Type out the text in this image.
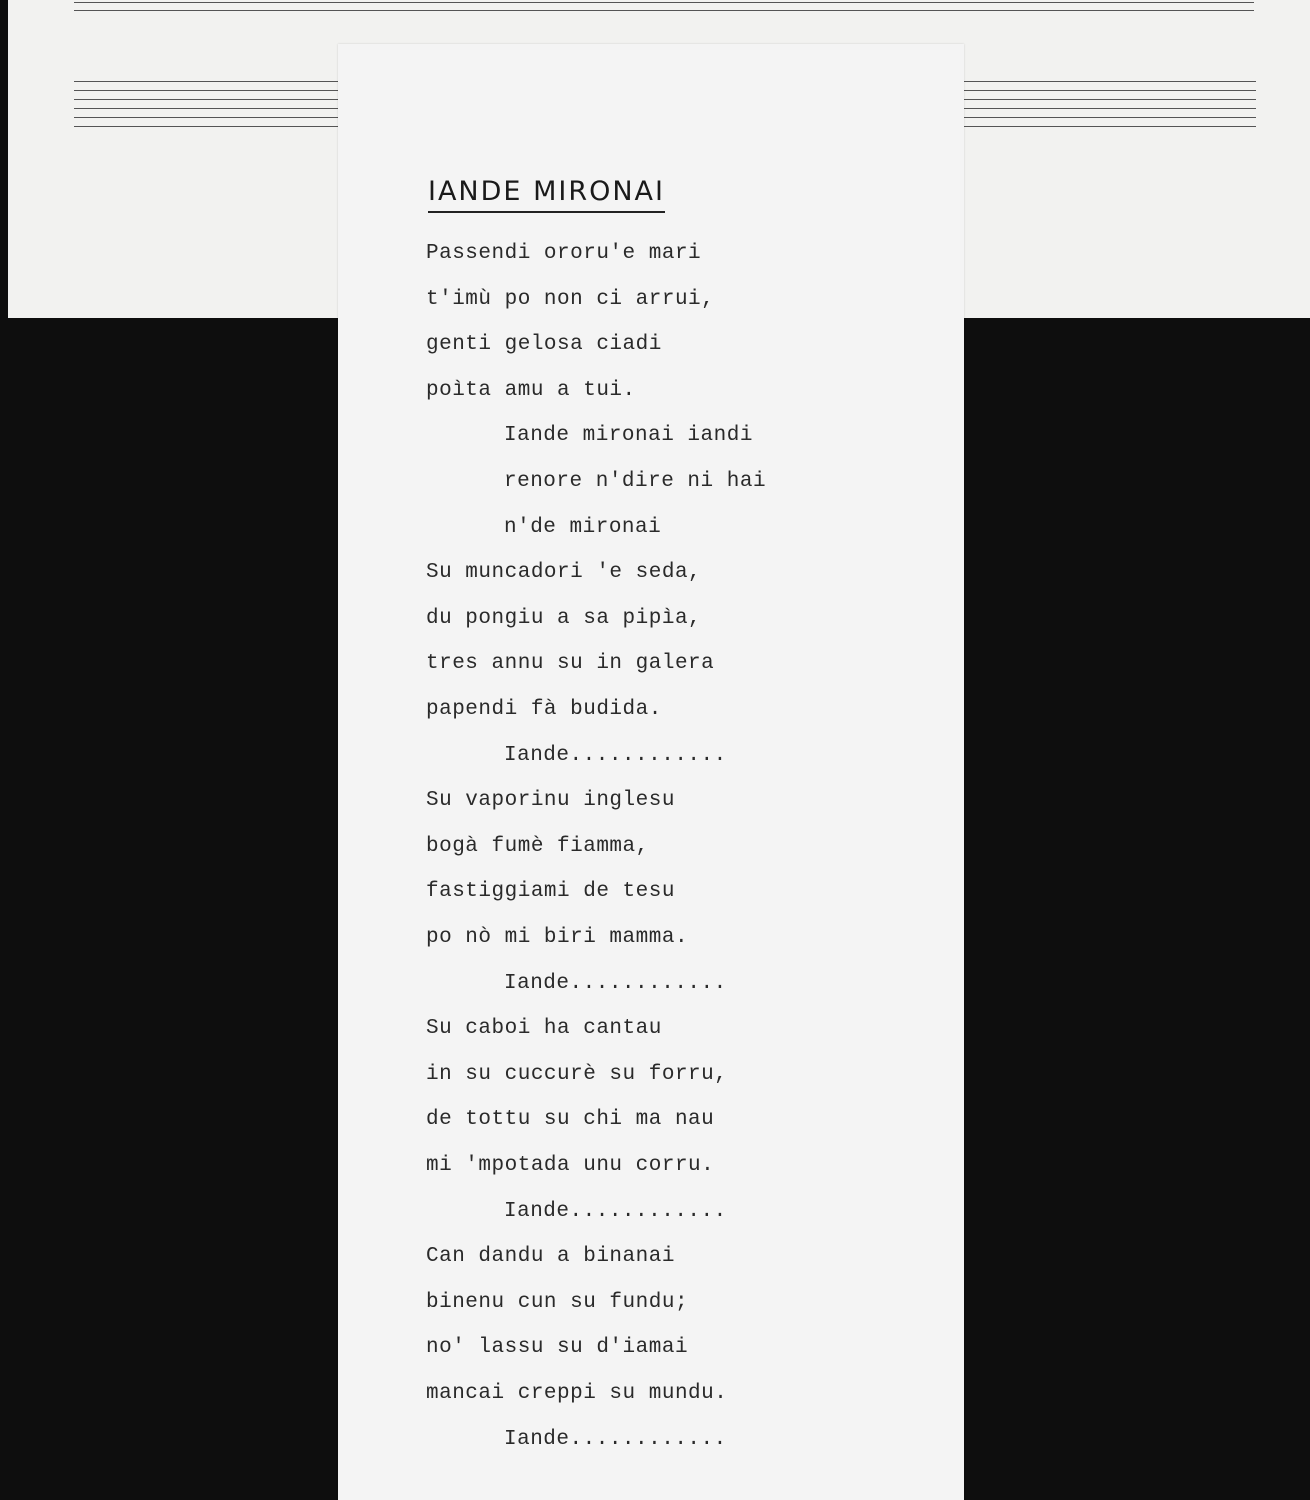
IANDE MIRONAI
Passendi ororu'e mari
t'imù po non ci arrui,
genti gelosa ciadi
poìta amu a tui.
Iande mironai iandi
renore n'dire ni hai
n'de mironai
Su muncadori 'e seda,
du pongiu a sa pipìa,
tres annu su in galera
papendi fà budida.
Iande............
Su vaporinu inglesu
bogà fumè fiamma,
fastiggiami de tesu
po nò mi biri mamma.
Iande............
Su caboi ha cantau
in su cuccurè su forru,
de tottu su chi ma nau
mi 'mpotada unu corru.
Iande............
Can dandu a binanai
binenu cun su fundu;
no' lassu su d'iamai
mancai creppi su mundu.
Iande............
